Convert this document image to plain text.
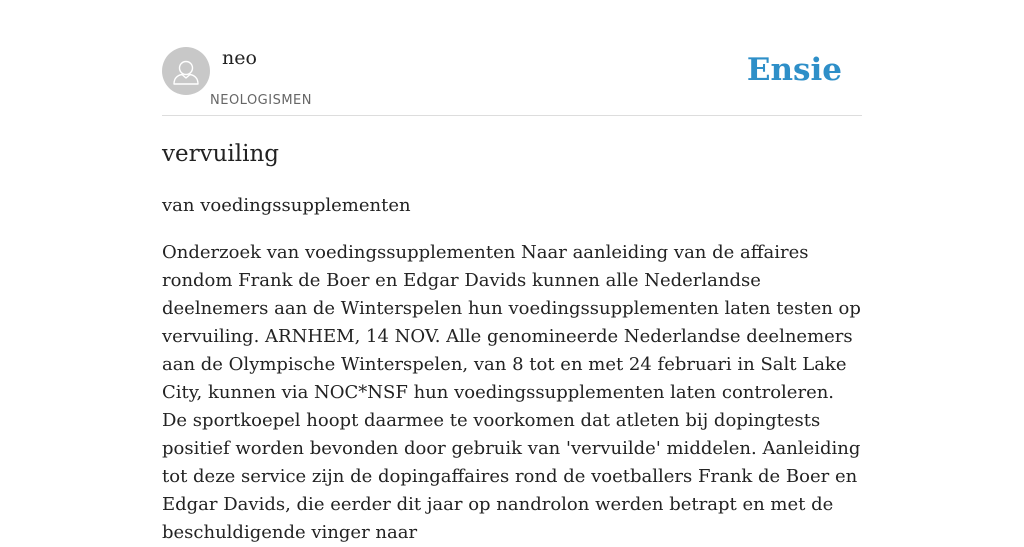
neo
NEOLOGISMEN
Ensie
vervuiling

van voedingssupplementen

Onderzoek van voedingssupplementen Naar aanleiding van de affaires rondom Frank de Boer en Edgar Davids kunnen alle Nederlandse deelnemers aan de Winterspelen hun voedingssupplementen laten testen op vervuiling. ARNHEM, 14 NOV. Alle genomineerde Nederlandse deelnemers aan de Olympische Winterspelen, van 8 tot en met 24 februari in Salt Lake City, kunnen via NOC*NSF hun voedingssupplementen laten controleren. De sportkoepel hoopt daarmee te voorkomen dat atleten bij dopingtests positief worden bevonden door gebruik van 'vervuilde' middelen. Aanleiding tot deze service zijn de dopingaffaires rond de voetballers Frank de Boer en Edgar Davids, die eerder dit jaar op nandrolon werden betrapt en met de beschuldigende vinger naar
